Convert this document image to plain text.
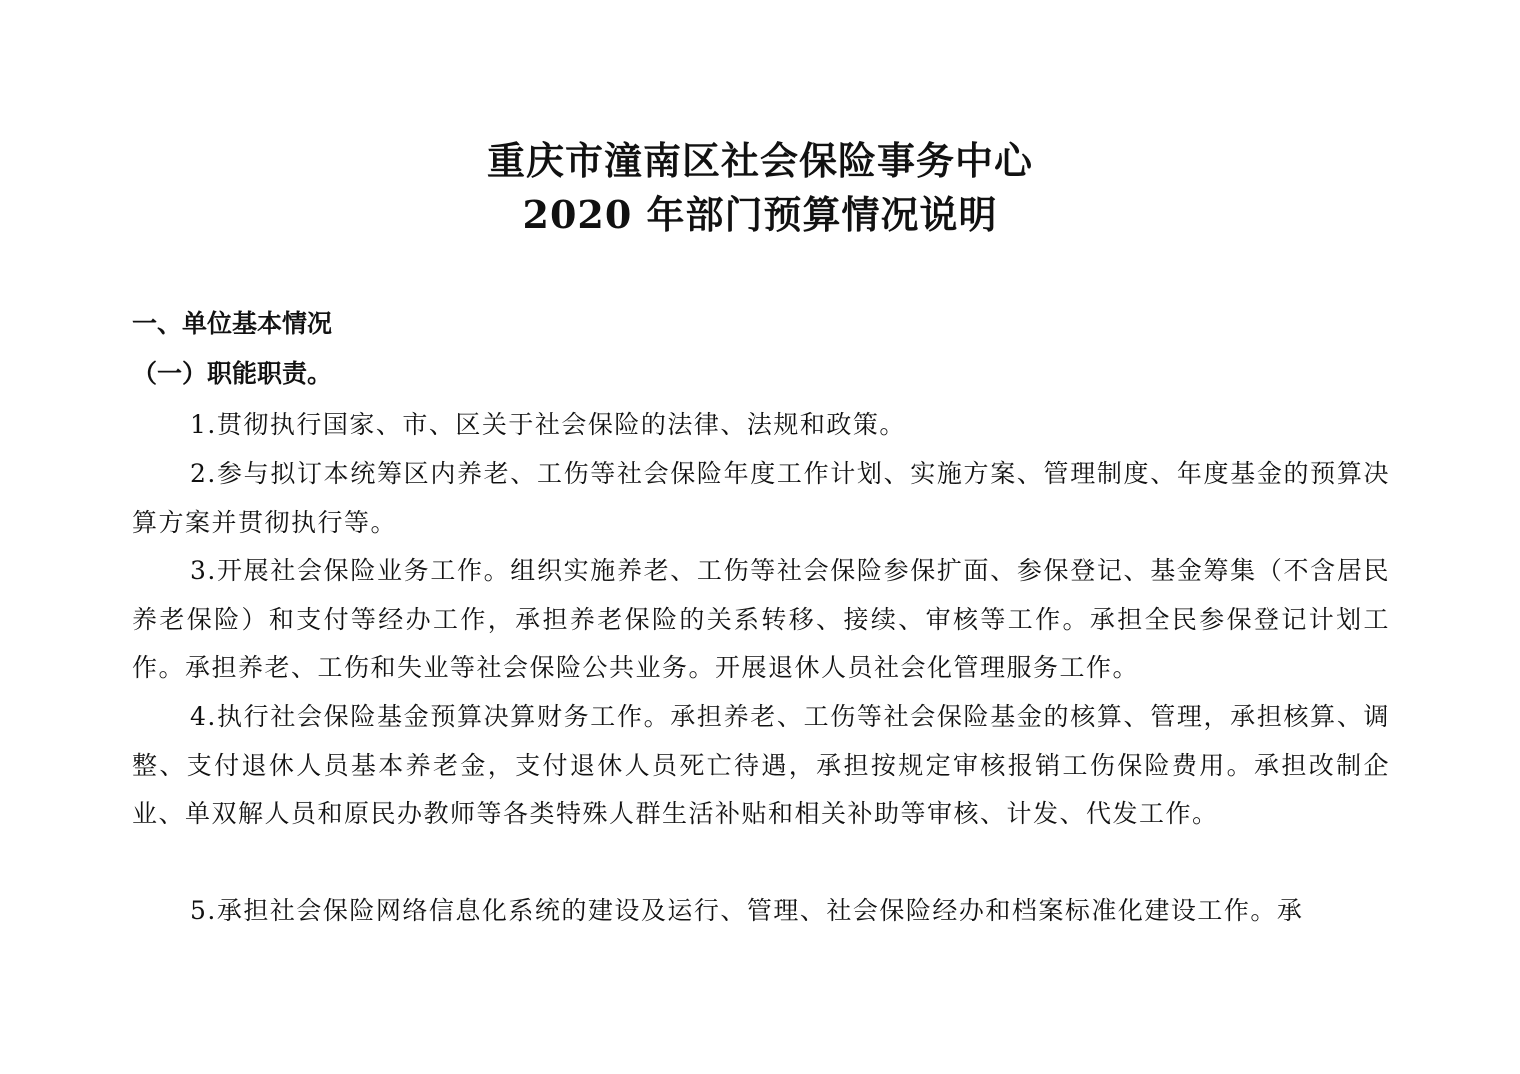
重庆市潼南区社会保险事务中心
2020 年部门预算情况说明
一、单位基本情况
（一）职能职责。

1.贯彻执行国家、市、区关于社会保险的法律、法规和政策。

2.参与拟订本统筹区内养老、工伤等社会保险年度工作计划、实施方案、管理制度、年度基金的预算决算方案并贯彻执行等。

3.开展社会保险业务工作。组织实施养老、工伤等社会保险参保扩面、参保登记、基金筹集（不含居民养老保险）和支付等经办工作，承担养老保险的关系转移、接续、审核等工作。承担全民参保登记计划工作。承担养老、工伤和失业等社会保险公共业务。开展退休人员社会化管理服务工作。

4.执行社会保险基金预算决算财务工作。承担养老、工伤等社会保险基金的核算、管理，承担核算、调整、支付退休人员基本养老金，支付退休人员死亡待遇，承担按规定审核报销工伤保险费用。承担改制企业、单双解人员和原民办教师等各类特殊人群生活补贴和相关补助等审核、计发、代发工作。

5.承担社会保险网络信息化系统的建设及运行、管理、社会保险经办和档案标准化建设工作。承
